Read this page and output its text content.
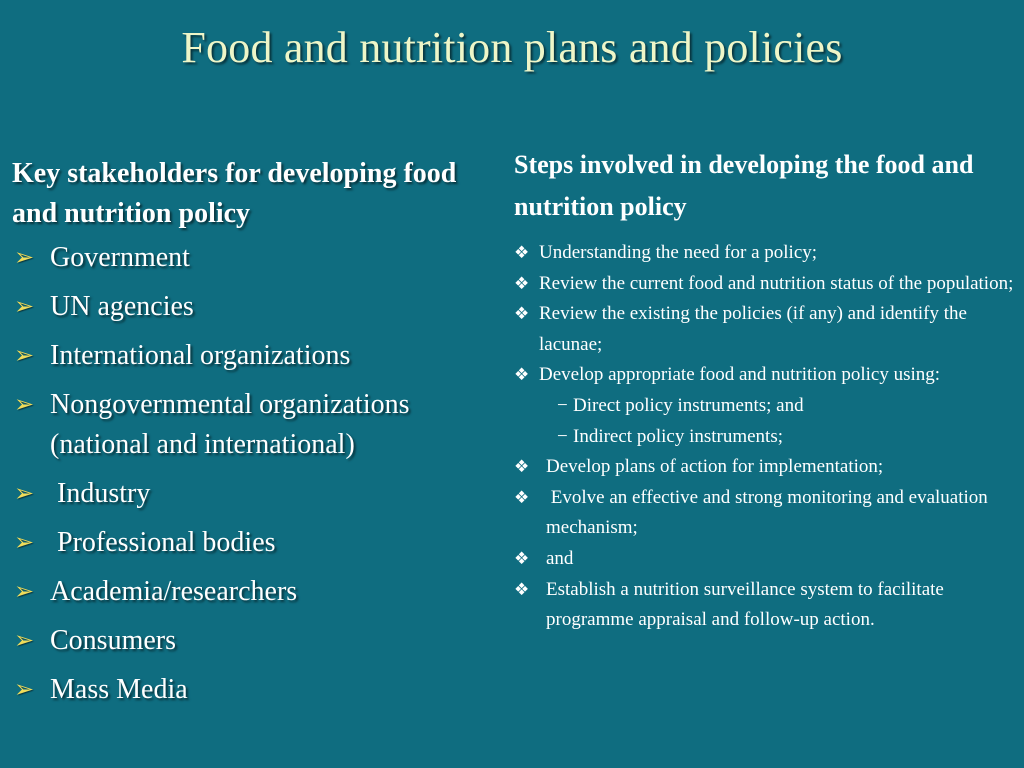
Food and nutrition plans and policies

Key stakeholders for developing food and nutrition policy

➢ Government
➢ UN agencies
➢ International organizations
➢ Nongovernmental organizations (national and international)
➢ Industry
➢ Professional bodies
➢ Academia/researchers
➢ Consumers
➢ Mass Media

Steps involved in developing the food and nutrition policy

❖ Understanding the need for a policy;
❖ Review the current food and nutrition status of the population;
❖ Review the existing the policies (if any) and identify the lacunae;
❖ Develop appropriate food and nutrition policy using:
− Direct policy instruments; and
− Indirect policy instruments;
❖ Develop plans of action for implementation;
❖ Evolve an effective and strong monitoring and evaluation mechanism;
❖ and
❖ Establish a nutrition surveillance system to facilitate programme appraisal and follow-up action.
